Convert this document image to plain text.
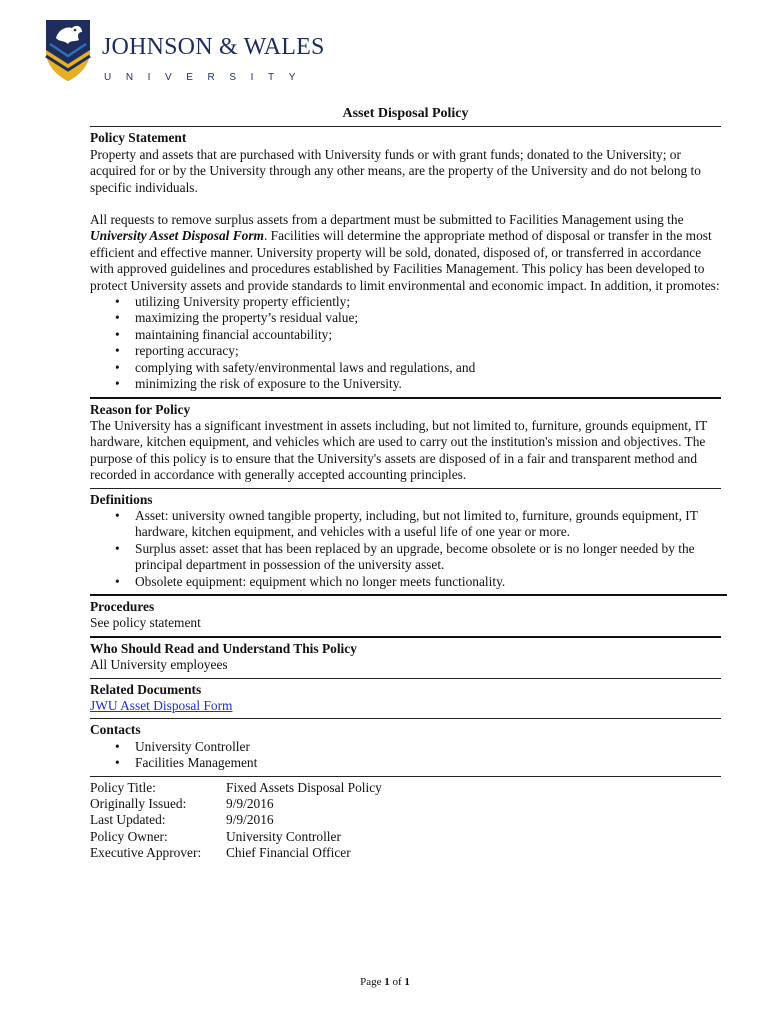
JOHNSON & WALES
UNIVERSITY
Asset Disposal Policy
Policy Statement

Property and assets that are purchased with University funds or with grant funds; donated to the University; or acquired for or by the University through any other means, are the property of the University and do not belong to specific individuals.

All requests to remove surplus assets from a department must be submitted to Facilities Management using the University Asset Disposal Form. Facilities will determine the appropriate method of disposal or transfer in the most efficient and effective manner. University property will be sold, donated, disposed of, or transferred in accordance with approved guidelines and procedures established by Facilities Management. This policy has been developed to protect University assets and provide standards to limit environmental and economic impact. In addition, it promotes:

• utilizing University property efficiently;
• maximizing the property’s residual value;
• maintaining financial accountability;
• reporting accuracy;
• complying with safety/environmental laws and regulations, and
• minimizing the risk of exposure to the University.
Reason for Policy

The University has a significant investment in assets including, but not limited to, furniture, grounds equipment, IT hardware, kitchen equipment, and vehicles which are used to carry out the institution's mission and objectives. The purpose of this policy is to ensure that the University's assets are disposed of in a fair and transparent method and recorded in accordance with generally accepted accounting principles.

Definitions
• Asset: university owned tangible property, including, but not limited to, furniture, grounds equipment, IT hardware, kitchen equipment, and vehicles with a useful life of one year or more.
• Surplus asset: asset that has been replaced by an upgrade, become obsolete or is no longer needed by the principal department in possession of the university asset.
• Obsolete equipment: equipment which no longer meets functionality.
Procedures

See policy statement

Who Should Read and Understand This Policy

All University employees

Related Documents

JWU Asset Disposal Form

Contacts
• University Controller
• Facilities Management
Policy Title:	Fixed Assets Disposal Policy
Originally Issued:	9/9/2016
Last Updated:	9/9/2016
Policy Owner:	University Controller
Executive Approver:	Chief Financial Officer
Page 1 of 1
